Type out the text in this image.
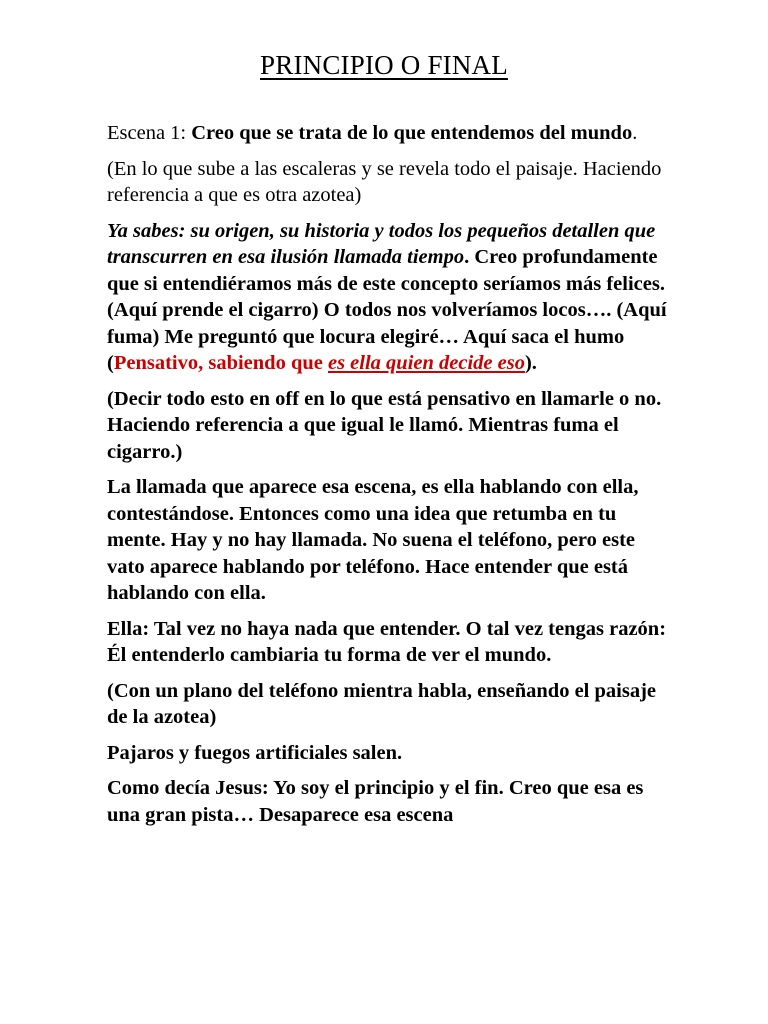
PRINCIPIO O FINAL

Escena 1: Creo que se trata de lo que entendemos del mundo.

(En lo que sube a las escaleras y se revela todo el paisaje. Haciendo referencia a que es otra azotea)

Ya sabes: su origen, su historia y todos los pequeños detallen que transcurren en esa ilusión llamada tiempo. Creo profundamente que si entendiéramos más de este concepto seríamos más felices. (Aquí prende el cigarro) O todos nos volveríamos locos…. (Aquí fuma) Me preguntó que locura elegiré… Aquí saca el humo (Pensativo, sabiendo que es ella quien decide eso).

(Decir todo esto en off en lo que está pensativo en llamarle o no. Haciendo referencia a que igual le llamó. Mientras fuma el cigarro.)

La llamada que aparece esa escena, es ella hablando con ella, contestándose. Entonces como una idea que retumba en tu mente. Hay y no hay llamada. No suena el teléfono, pero este vato aparece hablando por teléfono. Hace entender que está hablando con ella.

Ella: Tal vez no haya nada que entender. O tal vez tengas razón: Él entenderlo cambiaria tu forma de ver el mundo.

(Con un plano del teléfono mientra habla, enseñando el paisaje de la azotea)

Pajaros y fuegos artificiales salen.

Como decía Jesus: Yo soy el principio y el fin. Creo que esa es una gran pista… Desaparece esa escena
